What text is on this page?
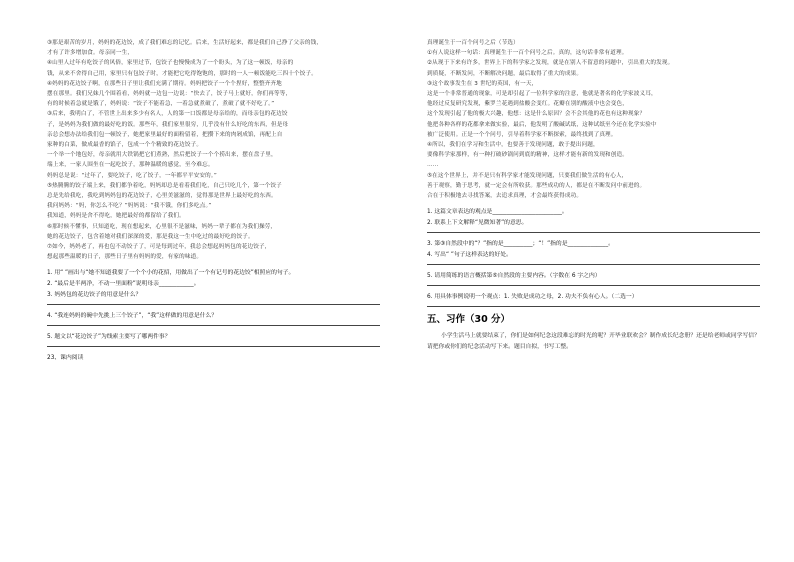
③那是艰苦的岁月，妈妈的花边饺，成了我们难忘的记忆。后来，生活好起来，都是我们自己挣了父亲的钱，
才有了许多增加食。母亲同一生，
④山里人过年有吃饺子的风俗，家里过节，包饺子也慢慢成为了一个盼头，为了这一顿饭，母亲的
钱，从来不舍得自己用，家里只有包饺子时，才能把它吃得饱饱的，那时的一人一顿饭能吃三四十个饺子。
④妈妈的花边饺子啊，在那些日子里让我们充满了期待。妈妈把饺子一个个捏好，整整齐齐地
摆在那里。我们兄妹几个围着看，妈妈就一边包一边说：“快去了，饺子马上就好，你们再等等，
有的时候着急就是饿了，妈妈说：“饺子不能着急，一着急就煮破了，煮破了就不好吃了。”
③后来，我明白了，不管世上出来多少有名人，人的第一口饭都是母亲给的，而母亲包的花边饺
子，是妈妈为我们做的最好吃的饭。那些年，我们家里很穷，几乎没有什么好吃的东西，但是母
亲总会想办法给我们包一顿饺子，她把家里最好的面粉留着，把攒下来的肉剁成馅，再配上自
家种的白菜，做成最香的馅子，包成一个个精致的花边饺子。
一个举一个地包好，母亲就用大铁锅把它们煮熟，然后把饺子一个个捞出来，摆在盘子里，
端上来，一家人围坐在一起吃饺子，那种温暖的感觉，至今难忘。
妈妈总是说：“过年了，要吃饺子，吃了饺子，一年都平平安安的。”
⑤热腾腾的饺子端上来，我们都争着吃，妈妈却总是看着我们吃，自己只吃几个，第一个饺子
总是先给我吃，我吃到妈妈包的花边饺子，心里美滋滋的，觉得那是世界上最好吃的东西。
我问妈妈：“妈，你怎么不吃？”妈妈说：“我不饿，你们多吃点。”
我知道，妈妈是舍不得吃，她把最好的都留给了我们。
⑥那时候不懂事，只知道吃，现在想起来，心里很不是滋味，妈妈一辈子都在为我们操劳，
她的花边饺子，包含着她对我们深深的爱，那是我这一生中吃过的最好吃的饺子。
⑦如今，妈妈老了，再也包不动饺子了，可是每到过年，我总会想起妈妈包的花边饺子，
想起那些温暖的日子，那些日子里有妈妈的爱，有家的味道。
1. 用“ ”画出与“她不知道我要了一个个小的花招，用做出了一个有记号的花边饺”相照应的句子。
2. “最后是半两净，不动一里面粉”说明母亲____________。
3. 妈妈包的花边饺子的用意是什么？
4. “我连妈妈的碗中先挑上三个饺子”，“我”这样做的用意是什么？
5. 题文以“花边饺子”为线索主要写了哪两件事？
23、课内阅读
真理诞生于一百个问号之后（节选）
①有人说这样一句话：真理诞生于一百个问号之后。真的，这句话非常有道理。
②从现于下来有许多，世界上下的科学家之发现，就是在别人不留意的问题中，引出重大的发现。
到质疑，不断发问，不断解决问题，最后取得了重大的成果。
③这个故事发生在 3 世纪的英国，有一天，
这是一个非常普通的现象，可是却引起了一位科学家的注意，他就是著名的化学家波义耳，
他经过反复研究发现，紫罗兰花遇到盐酸会变红。花瓣在别的酸液中也会变色，
这个发现引起了他的极大兴趣，他想：这是什么原因？会不会其他的花也有这种现象？
他把各种各样的花都拿来做实验，最后，他发明了酸碱试纸，这种试纸至今还在化学实验中
被广泛使用。正是一个个问号，引导着科学家不断探索，最终找到了真理。
④所以，我们在学习和生活中，也要善于发现问题，敢于提出问题，
要像科学家那样，有一种打破砂锅问到底的精神，这样才能有新的发现和创造。
……
⑤在这个世界上，并不是只有科学家才能发现问题，只要我们做生活的有心人，
善于观察，勤于思考，就一定会有所收获。那些成功的人，都是在不断发问中前进的。
合在于积极地去寻找答案，去追求真理，才会最终获得成功。
1. 这篇文章表达的观点是________________________。
2. 联系上下文解释“见微知著”的意思。
3. 第③自然段中的“？”指的是__________；“！”指的是______________。
4. 写出“ ”句子这样表达的好处。
5. 请用简练的语言概括第⑤自然段的主要内容。（字数在 6 字之内）
6. 用具体事例说明一个观点：1. 失败是成功之母，2. 功夫不负有心人。（二选一）
五、习作（30 分）
小学生活马上就要结束了，你们是如何纪念这段难忘的时光的呢？开毕业联欢会？制作成长纪念册？还是给老师或同学写信？请把你或你们的纪念活动写下来。题目自拟，书写工整。
